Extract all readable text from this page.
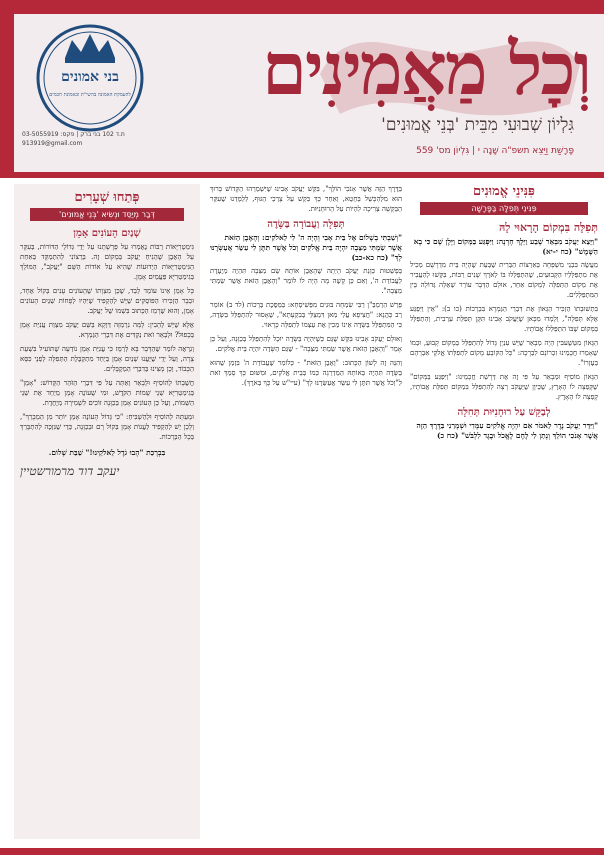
בני אמונים
להעמקת האמונה בהשי"ת ובאמונת חכמים
ת.ד 102 בני ברק | פקס: 03-5055919
913919@gmail.com
וְכָל מַאֲמִינִים
גִּלְיוֹן שְׁבוּעִי מִבֵּית 'בְּנֵי אֱמוּנִים'
פָּרָשַׁת וַיֵּצֵא תשפ"ה שָׁנָה י | גִּלְיוֹן מס' 559
פִּנִּינֵי אֱמוּנִים
פִּנִּינֵי תְּפִלָּה בַּפָּרָשָׁה
תְּפִלָּה בִּמְקוֹם הָרָאוּי לָהּ
"וַיֵּצֵא יַעֲקֹב מִבְּאֵר שָׁבַע וַיֵּלֶךְ חָרָנָה: וַיִּפְגַּע בַּמָּקוֹם וַיָּלֶן שָׁם כִּי בָא הַשֶּׁמֶשׁ" (כח י-יא)
מַעֲשֶׂה בִּבְנֵי מִשְׁפָּחָה בְּאַרְצוֹת הַבְּרִית שֶׁבְּעַת שֶׁהָיָה בֵּית מִדְרָשָׁם מְכִיל אֶת מִתְפַּלְּלֵיו הַקְּבוּעִים, שֶׁהִתְפַּלְּלוּ בּוֹ לְאֹרֶךְ שָׁנִים רַבּוֹת, בִּקְּשׁוּ לְהַעֲבִיר אֶת מְקוֹם הַתְּפִלָּה לְמָקוֹם אַחֵר, אוּלָם הַדָּבָר עוֹרֵר שְׁאֵלָה גְּדוֹלָה בֵּין הַמִּתְפַּלְּלִים.
בִּתְשׁוּבָתוֹ הַזְכִּיר הַגָּאוֹן אֶת דִּבְרֵי הַגְּמָרָא בִּבְרָכוֹת (כו ב): "אֵין וַיִּפְגַּע אֶלָּא תְּפִלָּה", וְלָמְדוּ מִכָּאן שֶׁיַּעֲקֹב אָבִינוּ תִּקֵּן תְּפִלַּת עַרְבִית, וְהִתְפַּלֵּל בַּמָּקוֹם שֶׁבּוֹ הִתְפַּלְּלוּ אֲבוֹתָיו.
הַגָּאוֹן מִטְּשֶׁעבִּין הָיָה מְבָאֵר שֶׁיֵּשׁ עִנְיָן גָּדוֹל לְהִתְפַּלֵּל בְּמָקוֹם קָבוּעַ, וּכְמוֹ שֶׁאָמְרוּ חֲכָמֵינוּ זִכְרוֹנָם לִבְרָכָה: "כָּל הַקּוֹבֵעַ מָקוֹם לִתְפִלָּתוֹ אֱלֹקֵי אַבְרָהָם בְּעֶזְרוֹ".
הַגָּאוֹן מוֹסִיף וּמְבָאֵר עַל פִּי זֶה אֶת דְּרָשַׁת חֲכָמֵינוּ: "וַיִּפְגַּע בַּמָּקוֹם" שֶׁקָּפְצָה לוֹ הָאָרֶץ, שֶׁכֵּיוָן שֶׁיַּעֲקֹב רָצָה לְהִתְפַּלֵּל בִּמְקוֹם תְּפִלַּת אֲבוֹתָיו, קָפְצָה לוֹ הָאָרֶץ.
לְבַקֵּשׁ עַל רוּחָנִיּוּת תְּחִלָּה
"וַיִּדַּר יַעֲקֹב נֶדֶר לֵאמֹר אִם יִהְיֶה אֱלֹקִים עִמָּדִי וּשְׁמָרַנִי בַּדֶּרֶךְ הַזֶּה אֲשֶׁר אָנֹכִי הוֹלֵךְ וְנָתַן לִי לֶחֶם לֶאֱכֹל וּבֶגֶד לִלְבֹּשׁ" (כח כ)
בַּדֶּרֶךְ הַזֶּה אֲשֶׁר אָנֹכִי הוֹלֵךְ", בִּקֵּשׁ יַעֲקֹב אָבִינוּ שֶׁיִּשְׁמְרֵהוּ הַקָּדוֹשׁ בָּרוּךְ הוּא מִלְּהִכָּשֵׁל בְּחֵטְא, וְאַחַר כָּךְ בִּקֵּשׁ עַל צָרְכֵי הַגּוּף, לְלַמְּדֵנוּ שֶׁעִקַּר הַבַּקָּשָׁה צְרִיכָה לִהְיוֹת עַל הָרוּחָנִיּוּת.
תְּפִלָּה וַעֲבוֹדָה בַּשָּׂדֶה
"וְשַׁבְתִּי בְשָׁלוֹם אֶל בֵּית אָבִי וְהָיָה ה' לִי לֵאלֹקִים: וְהָאֶבֶן הַזֹּאת אֲשֶׁר שַׂמְתִּי מַצֵּבָה יִהְיֶה בֵּית אֱלֹקִים וְכֹל אֲשֶׁר תִּתֶּן לִי עַשֵּׂר אֲעַשְּׂרֶנּוּ לָךְ" (כח כא-כב)
בְּפָשְׁטוּת כַּוָּנַת יַעֲקֹב הָיְתָה שֶׁהָאֶבֶן אוֹתָהּ שָׂם מַצֵּבָה תִּהְיֶה מְיֻעֶדֶת לַעֲבוֹדַת ה', וְאִם כֵּן קָשֶׁה מָה הָיָה לוֹ לוֹמַר "וְהָאֶבֶן הַזֹּאת אֲשֶׁר שַׂמְתִּי מַצֵּבָה".
פֵּרֵשׁ הַרַמְבַּ"ן רַבִּי שִׂמְחָה בּוּנִים מִפְּשִׁיסְחָא: בַּמַּסֶּכֶת בְּרָכוֹת (לד ב) אוֹמֵר רַב כָּהֲנָא: "חֲצִיפָא עֲלַי מַאן דִּמְצַלֵּי בְּבִקְעָתָא", שֶׁאָסוּר לְהִתְפַּלֵּל בַּשָּׂדֶה, כִּי הַמִּתְפַּלֵּל בַּשָּׂדֶה אֵינוֹ מֵכִין אֶת עַצְמוֹ לִתְפִלָּה כָּרָאוּי.
וְאוּלָם יַעֲקֹב אָבִינוּ בִּקֵּשׁ שֶׁגַּם כְּשֶׁיִּהְיֶה בַּשָּׂדֶה יוּכַל לְהִתְפַּלֵּל בְּכַוָּנָה, וְעַל כֵּן אָמַר "וְהָאֶבֶן הַזֹּאת אֲשֶׁר שַׂמְתִּי מַצֵּבָה" - שֶׁגַּם הַשָּׂדֶה יִהְיֶה בֵּית אֱלֹקִים.
וְהִנֵּה זֶה לְשׁוֹן הַכָּתוּב: "וְאֶבֶן הַזֹּאת" - כְּלוֹמַר שֶׁעֲבוֹדַת ה' בִּזְמַן שֶׁהוּא בַּשָּׂדֶה תִּהְיֶה בְּאוֹתָהּ הַמַּדְרֵגָה כְּמוֹ בְּבֵית אֱלֹקִים, וּמִשּׁוּם כָּךְ סָמַךְ זֹאת לְ"וְכֹל אֲשֶׁר תִּתֶּן לִי עַשֵּׂר אֲעַשְּׂרֶנּוּ לָךְ" (עיי"ש עַל כָּךְ בְּאֹרֶךְ).
פְּתַחוּ שְׁעָרִים
דְּבַר מְיַסֵּד וּנְשִׂיא 'בְּנֵי אֱמוּנִים'
שְׁנַיִם הָעוֹנִים אָמֵן
גִּימַטְרִיָּאוֹת רַבּוֹת נֶאֶמְרוּ עַל פָּרָשָׁתֵנוּ עַל יְדֵי גְּדוֹלֵי הַדּוֹרוֹת, בְּעִקָּר עַל הָאֶבֶן שֶׁהֵנִיחַ יַעֲקֹב בְּמָקוֹם זֶה. בְּרַצוֹנִי לְהִתְמַקֵּד בְּאַחַת הַגִּימַטְרִיָּאוֹת הַיְדוּעוֹת שֶׁהִיא עַל אוֹדוֹת הַשֵּׁם "יַעֲקֹב", הַמּוֹלֵךְ בְּגִימַטְרִיָּא פַּעֲמַיִם אָמֵן.
כָּל אָמֵן אֵינוֹ עוֹמֵד לְבַד, שֶׁכֵּן מִצְוָתוֹ שֶׁהָעוֹנִים עָנִים בְּקוֹל אֶחָד, וּכְבָר הַזְכִּירוּ הַפּוֹסְקִים שֶׁיֵּשׁ לְהַקְפִּיד שֶׁיִּהְיוּ לְפָחוֹת שְׁנַיִם הָעוֹנִים אָמֵן, וְהוּא שֶׁרָמַז הַכָּתוּב בִּשְׁמוֹ שֶׁל יַעֲקֹב.
אֶלָּא שֶׁיֵּשׁ לְהָבִין: לָמָּה נִרְמְזָה דַּוְקָא בַּשֵּׁם יַעֲקֹב מִצְוַת עֲנִיַּת אָמֵן בְּכָפוּל? וּלְבָאֵר זֹאת נַקְדִּים אֶת דִּבְרֵי הַגְּמָרָא.
וְנִרְאֶה לוֹמַר שֶׁהַדָּבָר בָּא לְרַמֵּז כִּי עֲנִיַּת אָמֵן נוֹדְעָה שֶׁתּוֹעִיל בִּשְׁעַת צָרָה, וְעַל יְדֵי שֶׁיַּעֲנוּ שְׁנַיִם אָמֵן בְּיַחַד מִתְקַבֶּלֶת הַתְּפִלָּה לְפְנֵי כִּסֵּא הַכָּבוֹד, וְכֵן מָצִינוּ בְּדִבְרֵי הַמְקֻבָּלִים.
חֲשֻׁבָתוֹ לְהוֹסִיף וּלְבָאֵר וְאַתָּה עַל פִּי דִּבְרֵי הַזֹּהַר הַקָּדוֹשׁ: "אָמֵן" בְּגִימַטְרִיָּא שְׁנֵי שֵׁמוֹת הַקֹּדֶשׁ, וּמִי שֶׁעוֹנֶה אָמֵן מְיַחֵד אֶת שְׁנֵי הַשֵּׁמוֹת, וְעַל כֵּן הָעוֹנִים אָמֵן בְּכַוָּנָה זוֹכִים לִשְׁמִירָה מְיֻחֶדֶת.
וּמֵעַתָּה לְהוֹסִיף וּלְהַשְׁבִּיחַ: "כִּי גָּדוֹל הָעוֹנֶה אָמֵן יוֹתֵר מִן הַמְבָרֵךְ", וְלָכֵן יֵשׁ לְהַקְפִּיד לַעֲנוֹת אָמֵן בְּקוֹל רָם וּבְכַוָּנָה, כְּדֵי שֶׁנִּזְכֶּה לְהִתְבָּרֵךְ בְּכָל הַבְּרָכוֹת.
בִּבְרָכַת "הָבוּ גֹדֶל לֵאלֹקֵינוּ!" שַׁבַּת שָׁלוֹם.
יעקב דוד מרמורשטיין
